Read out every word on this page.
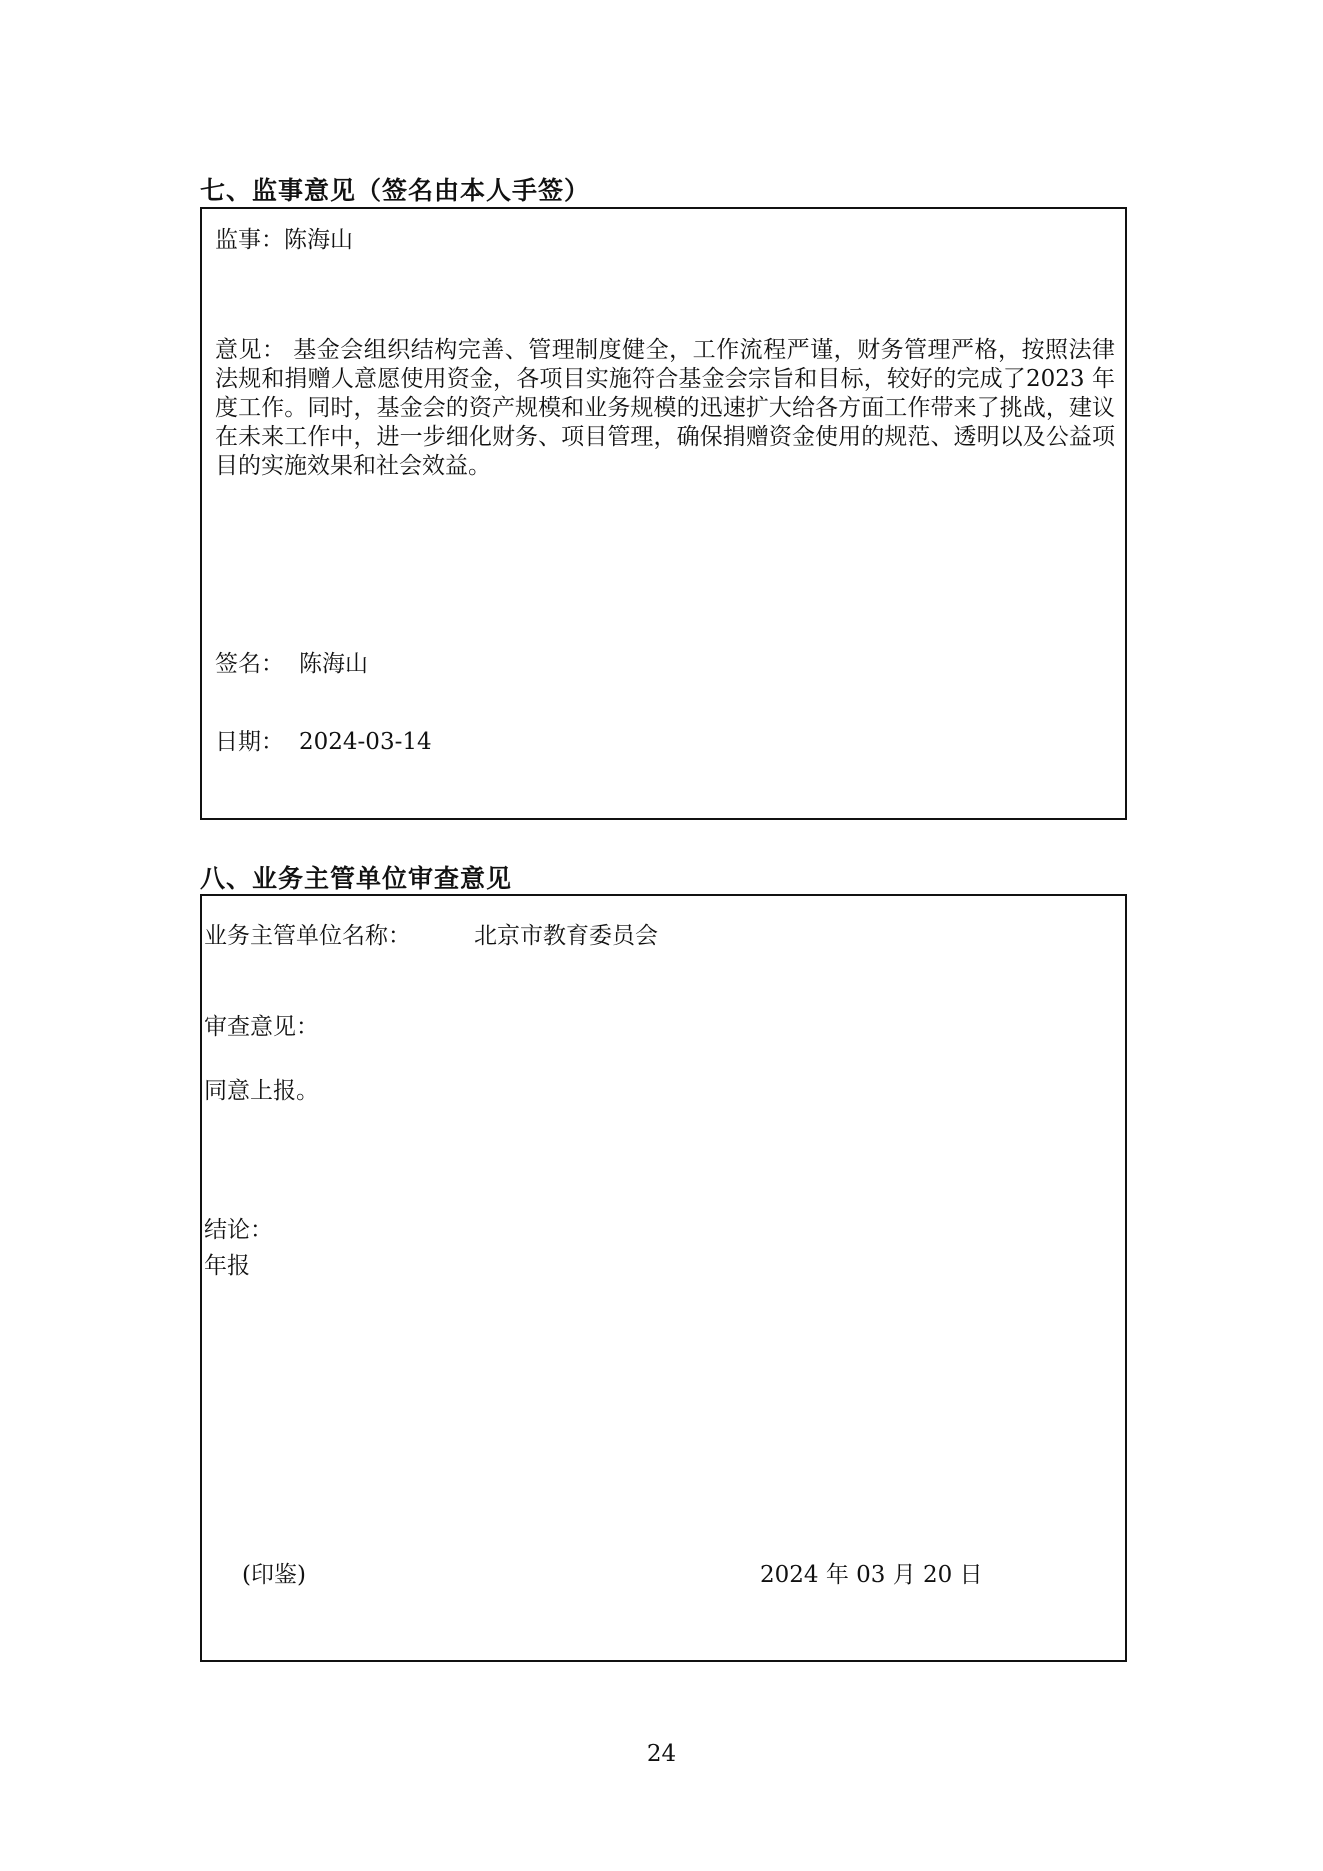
七、监事意见（签名由本人手签）
监事：陈海山

意见： 基金会组织结构完善、管理制度健全，工作流程严谨，财务管理严格，按照法律法规和捐赠人意愿使用资金，各项目实施符合基金会宗旨和目标，较好的完成了2023 年度工作。同时，基金会的资产规模和业务规模的迅速扩大给各方面工作带来了挑战，建议在未来工作中，进一步细化财务、项目管理，确保捐赠资金使用的规范、透明以及公益项目的实施效果和社会效益。

签名： 陈海山
日期： 2024-03-14
八、业务主管单位审查意见
业务主管单位名称：	北京市教育委员会
审查意见：
同意上报。
结论：
年报
(印鉴)	2024 年 03 月 20 日
24
